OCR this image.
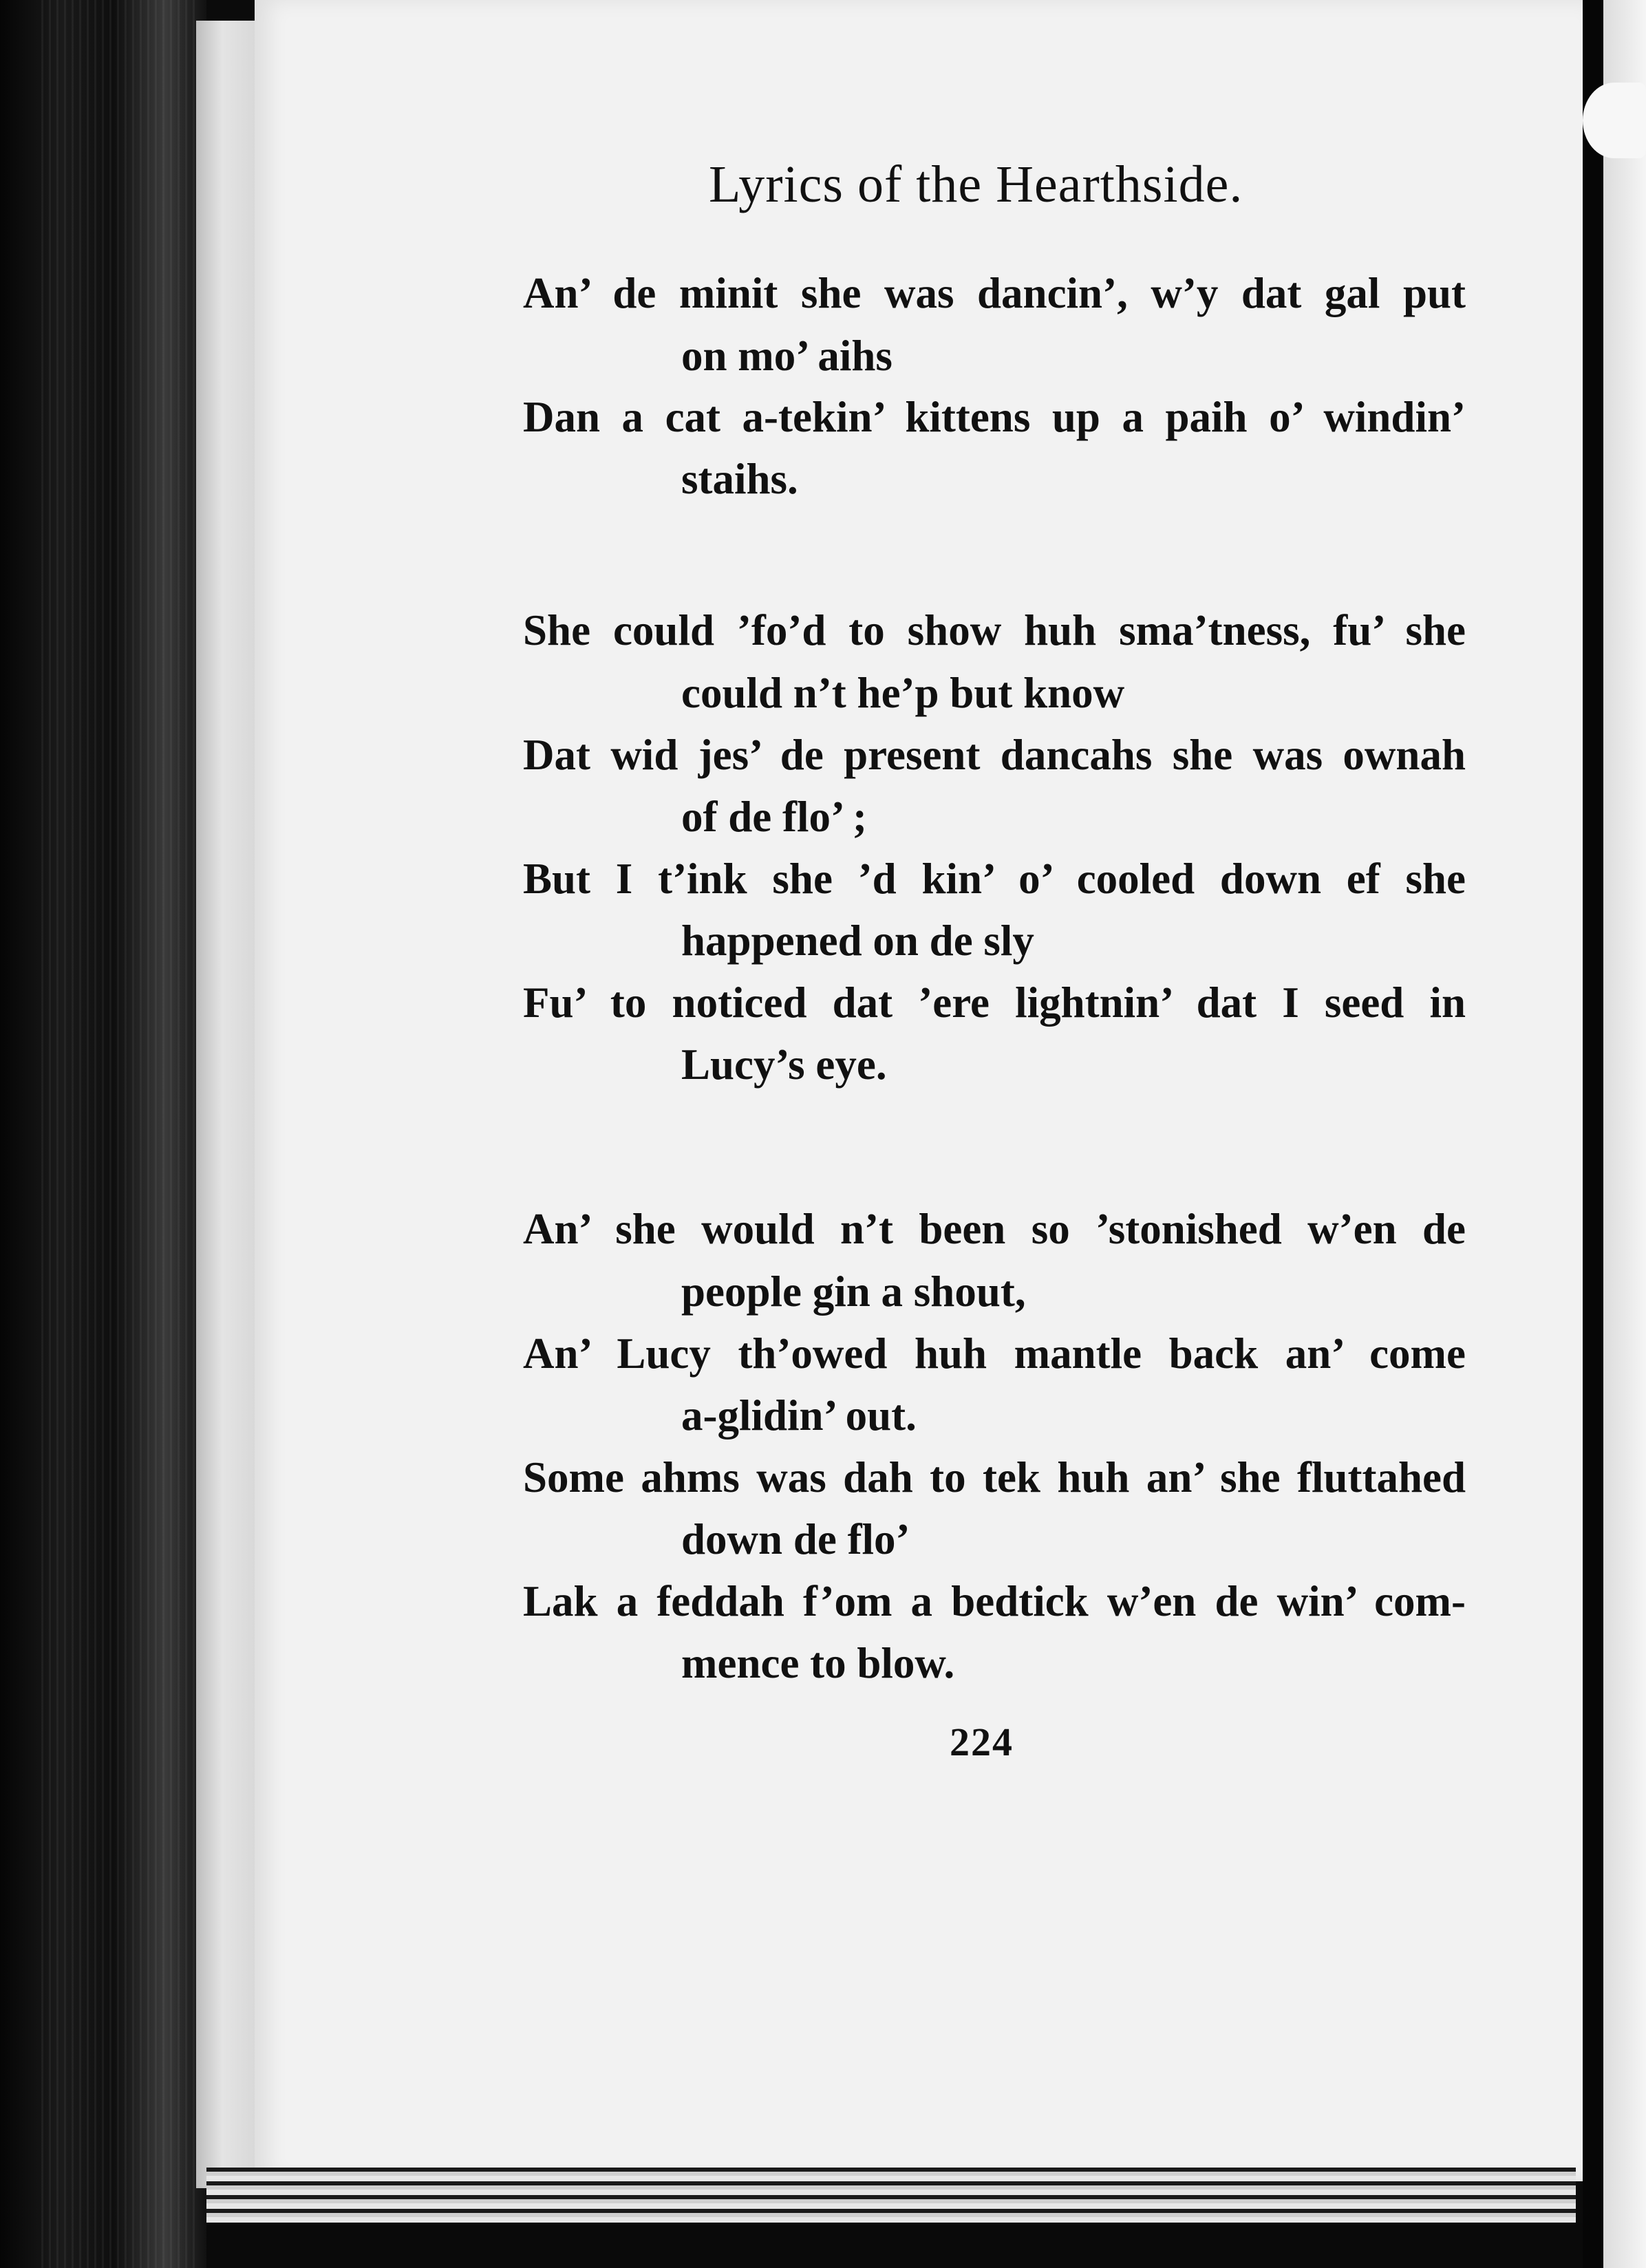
Lyrics of the Hearthside.
An’ de minit she was dancin’, w’y dat gal put
on mo’ aihs
Dan a cat a-tekin’ kittens up a paih o’ windin’
staihs.
She could ’fo’d to show huh sma’tness, fu’ she
could n’t he’p but know
Dat wid jes’ de present dancahs she was ownah
of de flo’ ;
But I t’ink she ’d kin’ o’ cooled down ef she
happened on de sly
Fu’ to noticed dat ’ere lightnin’ dat I seed in
Lucy’s eye.
An’ she would n’t been so ’stonished w’en de
people gin a shout,
An’ Lucy th’owed huh mantle back an’ come
a-glidin’ out.
Some ahms was dah to tek huh an’ she fluttahed
down de flo’
Lak a feddah f’om a bedtick w’en de win’ com-
mence to blow.
224
